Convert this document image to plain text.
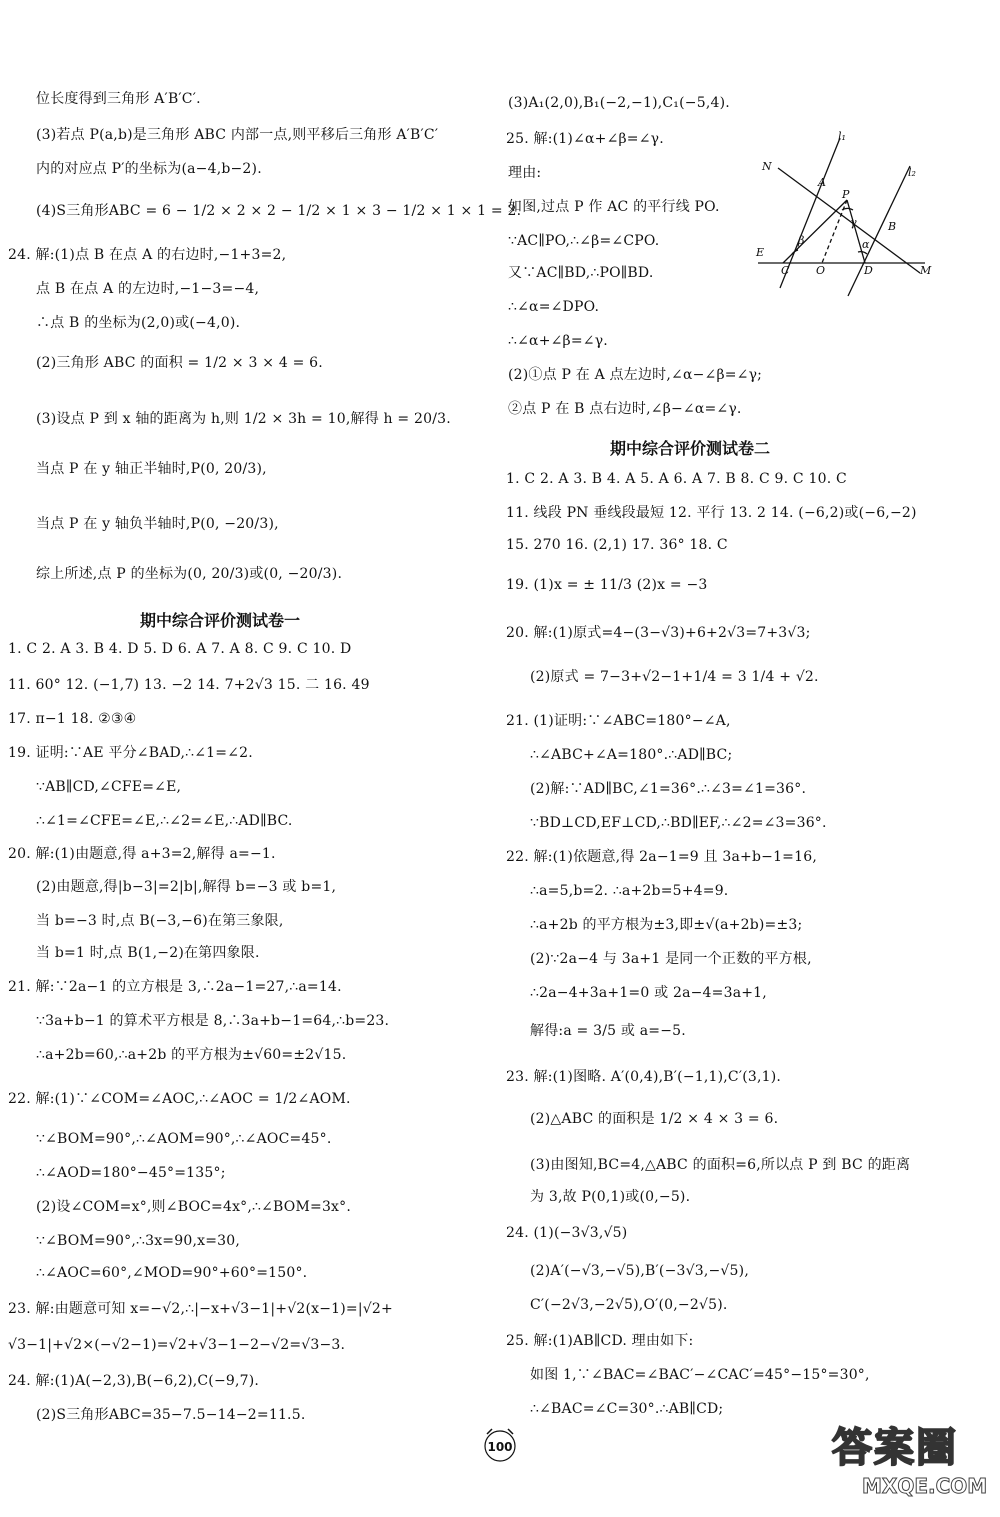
位长度得到三角形 A′B′C′.
(3)若点 P(a,b)是三角形 ABC 内部一点,则平移后三角形 A′B′C′
内的对应点 P′的坐标为(a−4,b−2).
(4)S三角形ABC = 6 − 1/2 × 2 × 2 − 1/2 × 1 × 3 − 1/2 × 1 × 1 = 2.
24. 解:(1)点 B 在点 A 的右边时,−1+3=2,
点 B 在点 A 的左边时,−1−3=−4,
∴点 B 的坐标为(2,0)或(−4,0).
(2)三角形 ABC 的面积 = 1/2 × 3 × 4 = 6.
(3)设点 P 到 x 轴的距离为 h,则 1/2 × 3h = 10,解得 h = 20/3.
当点 P 在 y 轴正半轴时,P(0, 20/3),
当点 P 在 y 轴负半轴时,P(0, −20/3),
综上所述,点 P 的坐标为(0, 20/3)或(0, −20/3).
期中综合评价测试卷一
1. C 2. A 3. B 4. D 5. D 6. A 7. A 8. C 9. C 10. D
11. 60° 12. (−1,7) 13. −2 14. 7+2√3 15. 二 16. 49
17. π−1 18. ②③④
19. 证明:∵AE 平分∠BAD,∴∠1=∠2.
∵AB∥CD,∠CFE=∠E,
∴∠1=∠CFE=∠E,∴∠2=∠E,∴AD∥BC.
20. 解:(1)由题意,得 a+3=2,解得 a=−1.
(2)由题意,得|b−3|=2|b|,解得 b=−3 或 b=1,
当 b=−3 时,点 B(−3,−6)在第三象限,
当 b=1 时,点 B(1,−2)在第四象限.
21. 解:∵2a−1 的立方根是 3,∴2a−1=27,∴a=14.
∵3a+b−1 的算术平方根是 8,∴3a+b−1=64,∴b=23.
∴a+2b=60,∴a+2b 的平方根为±√60=±2√15.
22. 解:(1)∵∠COM=∠AOC,∴∠AOC = 1/2∠AOM.
∵∠BOM=90°,∴∠AOM=90°,∴∠AOC=45°.
∴∠AOD=180°−45°=135°;
(2)设∠COM=x°,则∠BOC=4x°,∴∠BOM=3x°.
∵∠BOM=90°,∴3x=90,x=30,
∴∠AOC=60°,∠MOD=90°+60°=150°.
23. 解:由题意可知 x=−√2,∴|−x+√3−1|+√2(x−1)=|√2+
√3−1|+√2×(−√2−1)=√2+√3−1−2−√2=√3−3.
24. 解:(1)A(−2,3),B(−6,2),C(−9,7).
(2)S三角形ABC=35−7.5−14−2=11.5.
(3)A₁(2,0),B₁(−2,−1),C₁(−5,4).
25. 解:(1)∠α+∠β=∠γ.
理由:
如图,过点 P 作 AC 的平行线 PO.
∵AC∥PO,∴∠β=∠CPO.
又∵AC∥BD,∴PO∥BD.
∴∠α=∠DPO.
∴∠α+∠β=∠γ.
(2)①点 P 在 A 点左边时,∠α−∠β=∠γ;
②点 P 在 B 点右边时,∠β−∠α=∠γ.
l₁
l₂
N
A
P
B
E
C O	D	M
β
γ
α
期中综合评价测试卷二
1. C 2. A 3. B 4. A 5. A 6. A 7. B 8. C 9. C 10. C
11. 线段 PN 垂线段最短 12. 平行 13. 2 14. (−6,2)或(−6,−2)
15. 270 16. (2,1) 17. 36° 18. C
19. (1)x = ± 11/3 (2)x = −3
20. 解:(1)原式=4−(3−√3)+6+2√3=7+3√3;
(2)原式 = 7−3+√2−1+1/4 = 3 1/4 + √2.
21. (1)证明:∵∠ABC=180°−∠A,
∴∠ABC+∠A=180°.∴AD∥BC;
(2)解:∵AD∥BC,∠1=36°.∴∠3=∠1=36°.
∵BD⊥CD,EF⊥CD,∴BD∥EF,∴∠2=∠3=36°.
22. 解:(1)依题意,得 2a−1=9 且 3a+b−1=16,
∴a=5,b=2. ∴a+2b=5+4=9.
∴a+2b 的平方根为±3,即±√(a+2b)=±3;
(2)∵2a−4 与 3a+1 是同一个正数的平方根,
∴2a−4+3a+1=0 或 2a−4=3a+1,
解得:a = 3/5 或 a=−5.
23. 解:(1)图略. A′(0,4),B′(−1,1),C′(3,1).
(2)△ABC 的面积是 1/2 × 4 × 3 = 6.
(3)由图知,BC=4,△ABC 的面积=6,所以点 P 到 BC 的距离
为 3,故 P(0,1)或(0,−5).
24. (1)(−3√3,√5)
(2)A′(−√3,−√5),B′(−3√3,−√5),
C′(−2√3,−2√5),O′(0,−2√5).
25. 解:(1)AB∥CD. 理由如下:
如图 1,∵∠BAC=∠BAC′−∠CAC′=45°−15°=30°,
∴∠BAC=∠C=30°.∴AB∥CD;
100	答案圈
MXQE.COM
